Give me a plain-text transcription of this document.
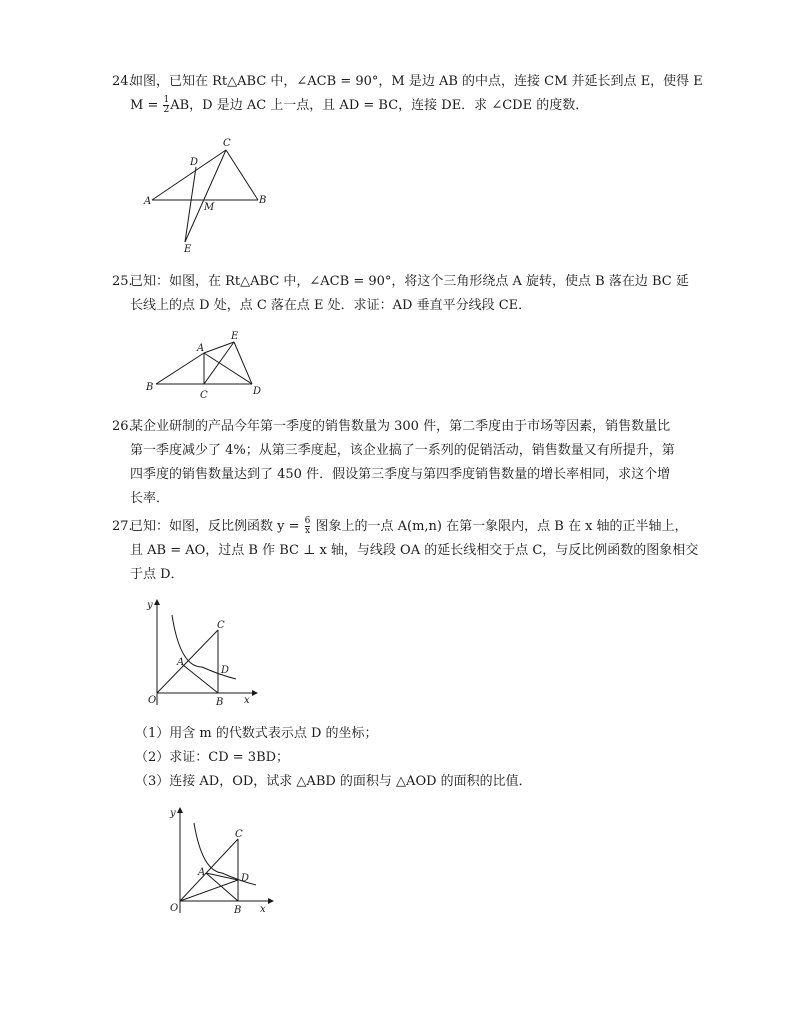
24.
如图，已知在 Rt△ABC 中，∠ACB = 90°，M 是边 AB 的中点，连接 CM 并延长到点 E，使得 E
$M = \frac{1}{2}$ AB，D 是边 AC 上一点，且 AD = BC，连接 DE．求 ∠CDE 的度数．
C
D
A	B
M
E
25.
已知：如图，在 Rt△ABC 中，∠ACB = 90°，将这个三角形绕点 A 旋转，使点 B 落在边 BC 延
长线上的点 D 处，点 C 落在点 E 处．求证：AD 垂直平分线段 CE．
B
A
C	D
E
26.
某企业研制的产品今年第一季度的销售数量为 300 件，第二季度由于市场等因素，销售数量比
第一季度减少了 4%；从第三季度起，该企业搞了一系列的促销活动，销售数量又有所提升，第
四季度的销售数量达到了 450 件．假设第三季度与第四季度销售数量的增长率相同，求这个增
长率．
27.
已知：如图，反比例函数 $y = \frac{6}{x}$ 图象上的一点 A(m,n) 在第一象限内，点 B 在 x 轴的正半轴上，
且 AB = AO，过点 B 作 BC ⊥ x 轴，与线段 OA 的延长线相交于点 C，与反比例函数的图象相交
于点 D．
y
x
O
A
B
C
D
（1）用含 m 的代数式表示点 D 的坐标；
（2）求证：CD = 3BD；
（3）连接 AD，OD，试求 △ABD 的面积与 △AOD 的面积的比值．
y
x
O
A
B
C
D
